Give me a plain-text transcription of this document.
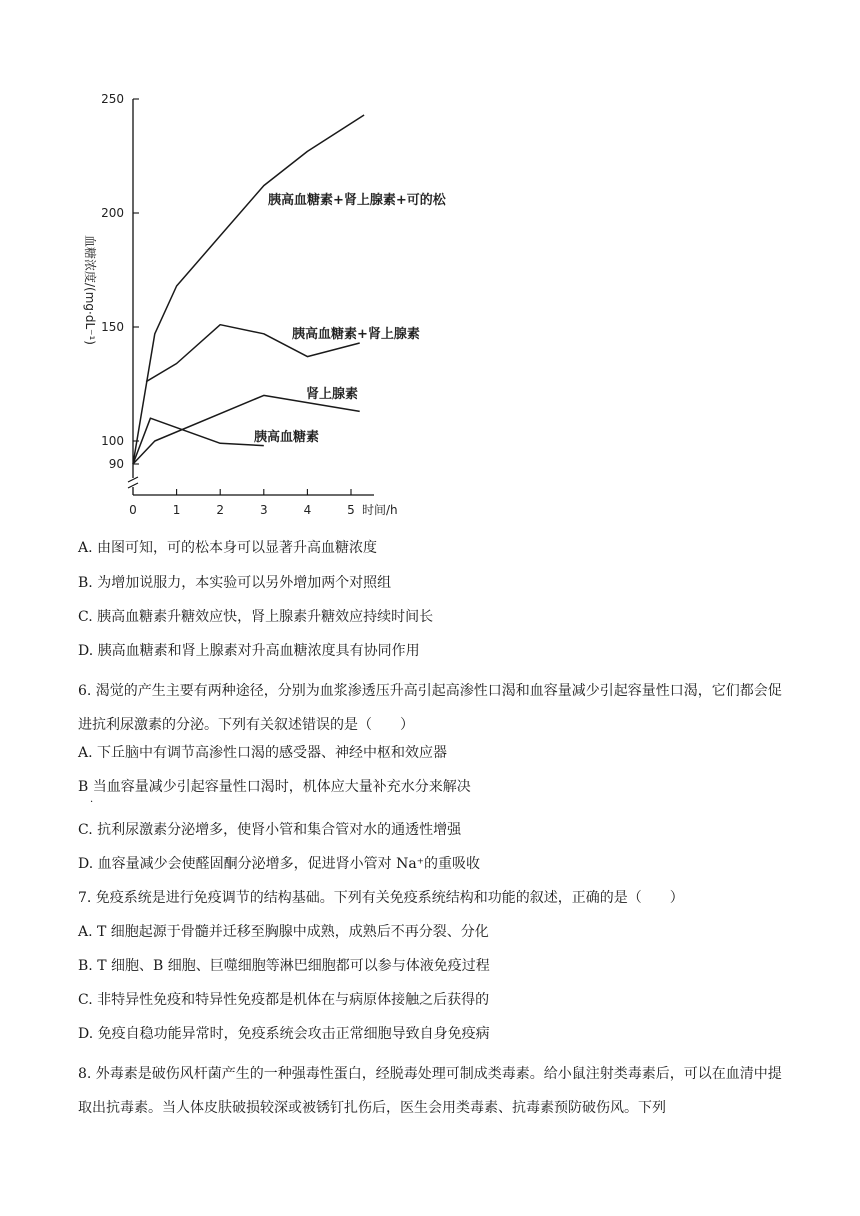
250
200
150
100
90
0	1	2	3	4	5
胰高血糖素+肾上腺素+可的松
胰高血糖素+肾上腺素
肾上腺素
胰高血糖素
血糖浓度/(mg·dL⁻¹)
时间/h
A. 由图可知，可的松本身可以显著升高血糖浓度
B. 为增加说服力，本实验可以另外增加两个对照组
C. 胰高血糖素升糖效应快，肾上腺素升糖效应持续时间长
D. 胰高血糖素和肾上腺素对升高血糖浓度具有协同作用
6. 渴觉的产生主要有两种途径，分别为血浆渗透压升高引起高渗性口渴和血容量减少引起容量性口渴，它们都会促进抗利尿激素的分泌。下列有关叙述错误的是（　　）
A. 下丘脑中有调节高渗性口渴的感受器、神经中枢和效应器
B 当血容量减少引起容量性口渴时，机体应大量补充水分来解决
·
C. 抗利尿激素分泌增多，使肾小管和集合管对水的通透性增强
D. 血容量减少会使醛固酮分泌增多，促进肾小管对 Na⁺的重吸收
7. 免疫系统是进行免疫调节的结构基础。下列有关免疫系统结构和功能的叙述，正确的是（　　）
A. T 细胞起源于骨髓并迁移至胸腺中成熟，成熟后不再分裂、分化
B. T 细胞、B 细胞、巨噬细胞等淋巴细胞都可以参与体液免疫过程
C. 非特异性免疫和特异性免疫都是机体在与病原体接触之后获得的
D. 免疫自稳功能异常时，免疫系统会攻击正常细胞导致自身免疫病
8. 外毒素是破伤风杆菌产生的一种强毒性蛋白，经脱毒处理可制成类毒素。给小鼠注射类毒素后，可以在血清中提取出抗毒素。当人体皮肤破损较深或被锈钉扎伤后，医生会用类毒素、抗毒素预防破伤风。下列
